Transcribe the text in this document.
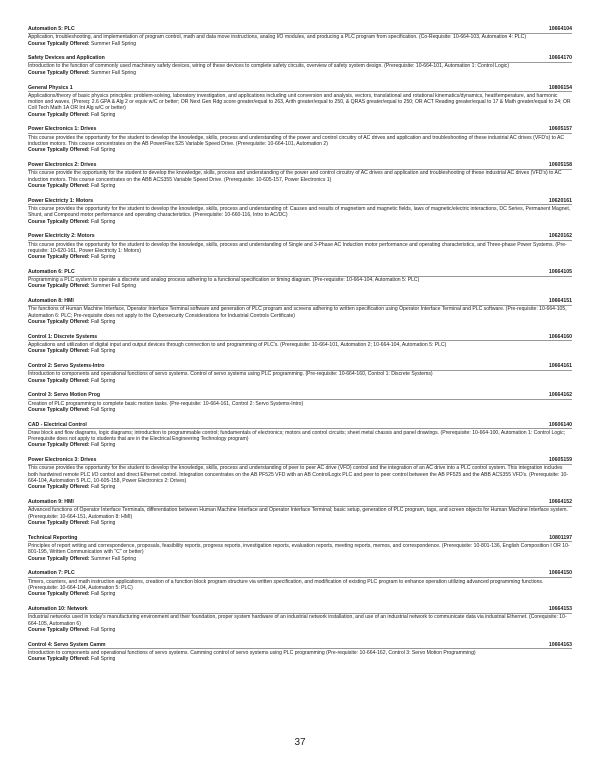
Automation 5: PLC	10664104
Application, troubleshooting, and implementation of program control, math and data move instructions, analog I/O modules, and producing a PLC program from specification. (Co-Requisite: 10-664-103, Automation 4: PLC)
Course Typically Offered: Summer Fall Spring
Safety Devices and Application	10664170
Introduction to the function of commonly used machinery safety devices, wiring of these devices to complete safety circuits, overview of safety system design. (Prerequisite: 10-664-101, Automation 1: Control Logic)
Course Typically Offered: Summer Fall Spring
General Physics 1	10806154
Applications/theory of basic physics principles: problem-solving, laboratory investigation, and applications including unit conversion and analysis, vectors, translational and rotational kinematics/dynamics, heat/temperature, and harmonic motion and waves. (Prereq: 2.6 GPA & Alg 2 or equiv w/C or better; OR Next Gen Rdg score greater/equal to 263, Arith greater/equal to 250, & QRAS greater/equal to 250; OR ACT Reading greater/equal to 17 & Math greater/equal to 24; OR Coll Tech Math 1A OR Int Alg w/C or better)
Course Typically Offered: Fall Spring
Power Electronics 1: Drives	10605157
This course provides the opportunity for the student to develop the knowledge, skills, process and understanding of the power and control circuitry of AC drives and application and troubleshooting of these industrial AC drives (VFD's) to AC induction motors. This course concentrates on the AB PowerFlex 525 Variable Speed Drive. (Prerequisite: 10-664-101, Automation 2)
Course Typically Offered: Fall Spring
Power Electronics 2: Drives	10605158
This course provide the opportunity for the student to develop the knowledge, skills, process and understanding of the power and control circuitry of AC drives and application and troubleshooting of these industrial AC drives (VFD's) to AC induction motors. This course concentrates on the ABB ACS355 Variable Speed Drive. (Prerequisite: 10-605-157, Power Electronics 1)
Course Typically Offered: Fall Spring
Power Electricty 1: Motors	10620161
This course provides the opportunity for the student to develop the knowledge, skills, process and understanding of: Causes and results of magnetism and magnetic fields, laws of magnetic/electric interactions, DC Series, Permanent Magnet, Shunt, and Compound motor performance and operating characteristics. (Prerequisite: 10-660-116, Intro to AC/DC)
Course Typically Offered: Fall Spring
Power Electricity 2: Motors	10620162
This course provides the opportunity for the student to develop the knowledge, skills, process and understanding of Single and 3-Phase AC Induction motor performance and operating characteristics, and Three-phase Power Systems. (Pre-requisite: 10-620-161, Power Electricity 1: Motors)
Course Typically Offered: Fall Spring
Automation 6: PLC	10664105
Programming a PLC system to operate a discrete and analog process adhering to a functional specification or timing diagram. (Pre-requisite: 10-664-104, Automation 5: PLC)
Course Typically Offered: Summer Fall Spring
Automation 8: HMI	10664151
The functions of Human Machine Interface, Operator Interface Terminal software and generation of PLC program and screens adhering to written specification using Operator Interface Terminal and PLC software. (Pre-requisite: 10-664-105, Automation 6: PLC; Pre-requisite does not apply to the Cybersecurity Considerations for Industrial Controls Certificate)
Course Typically Offered: Fall Spring
Control 1: Discrete Systems	10664160
Applications and utilization of digital input and output devices through connection to and programming of PLC's. (Prerequisite: 10-664-101, Automation 2; 10-664-104, Automation 5: PLC)
Course Typically Offered: Fall Spring
Control 2: Servo Systems-Intro	10664161
Introduction to components and operational functions of servo systems. Control of servo systems using PLC programming. (Pre-requisite: 10-664-160, Control 1: Discrete Systems)
Course Typically Offered: Fall Spring
Control 3: Servo Motion Prog	10664162
Creation of PLC programming to complete basic motion tasks. (Pre-requisite: 10-664-161, Control 2: Servo Systems-Intro)
Course Typically Offered: Fall Spring
CAD - Electrical Control	10606140
Draw block and flow diagrams, logic diagrams; introduction to programmable control; fundamentals of electronics; motors and control circuits; sheet metal chassis and panel drawings. (Prerequisite: 10-664-100, Automation 1: Control Logic; Prerequisite does not apply to students that are in the Electrical Engineering Technology program)
Course Typically Offered: Fall Spring
Power Electronics 3: Drives	10605159
This course provides the opportunity for the student to develop the knowledge, skills, process and understanding of peer to peer AC drive (VFD) control and the integration of an AC drive into a PLC control system. This integration includes both hardwired remote PLC I/O control and direct Ethernet control. Integration concentrates on the AB PF525 VFD with an AB ControlLogix PLC and peer to peer control between the AB PF525 and the ABB ACS355 VFD's. (Prerequisite: 10-664-104, Automation 5 PLC, 10-605-158, Power Electronics 2: Drives)
Course Typically Offered: Fall Spring
Automation 9: HMI	10664152
Advanced functions of Operator Interface Terminals, differentiation between Human Machine Interface and Operator Interface Terminal; basic setup, generation of PLC program, tags, and screen objects for Human Machine Interface system. (Prerequisite: 10-664-151, Automation 8: HMI)
Course Typically Offered: Fall Spring
Technical Reporting	10801197
Principles of report writing and correspondence, proposals, feasibility reports, progress reports, investigation reports, evaluation reports, meeting reports, memos, and correspondence. (Prerequisite: 10-801-136, English Composition I OR 10-801-195, Written Communication with "C" or better)
Course Typically Offered: Summer Fall Spring
Automation 7: PLC	10664150
Timers, counters, and math instruction applications, creation of a function block program structure via written specification, and modification of existing PLC program to enhance operation utilizing advanced programming functions. (Prerequisite: 10-664-104, Automation 5: PLC)
Course Typically Offered: Fall Spring
Automation 10: Network	10664153
Industrial networks used in today's manufacturing environment and their foundation, proper system hardware of an industrial network installation, and use of an industrial network to communicate data via industrial Ethernet. (Corequisite: 10-664-105, Automation 6)
Course Typically Offered: Fall Spring
Control 4: Servo System Camm	10664163
Introduction to components and operational functions of servo systems. Camming control of servo systems using PLC programming (Pre-requisite: 10-664-162, Control 3: Servo Motion Programming)
Course Typically Offered: Fall Spring
37
